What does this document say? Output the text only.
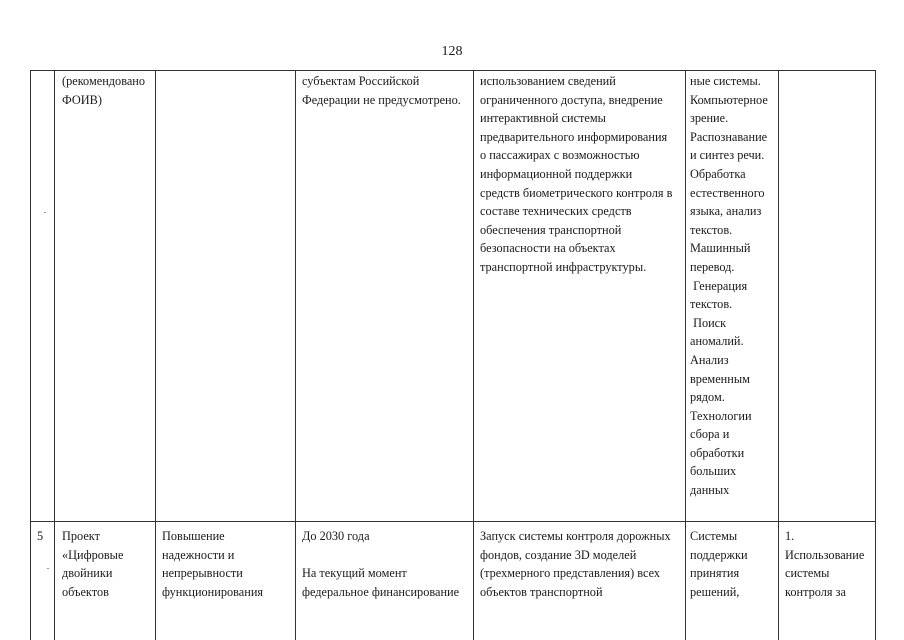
128
(рекомендовано
ФОИВ)
субъектам Российской
Федерации не предусмотрено.
использованием сведений
ограниченного доступа, внедрение
интерактивной системы
предварительного информирования
о пассажирах с возможностью
информационной поддержки
средств биометрического контроля в
составе технических средств
обеспечения транспортной
безопасности на объектах
транспортной инфраструктуры.
ные системы.
Компьютерное
зрение.
Распознавание
и синтез речи.
Обработка
естественного
языка, анализ
текстов.
Машинный
перевод.
Генерация
текстов.
Поиск
аномалий.
Анализ
временным
рядом.
Технологии
сбора и
обработки
больших
данных
5	Проект
«Цифровые
двойники
объектов
Повышение
надежности и
непрерывности
функционирования
До 2030 года

На текущий момент
федеральное финансирование
Запуск системы контроля дорожных
фондов, создание 3D моделей
(трехмерного представления) всех
объектов транспортной
Системы
поддержки
принятия
решений,
1.
Использование
системы
контроля за
